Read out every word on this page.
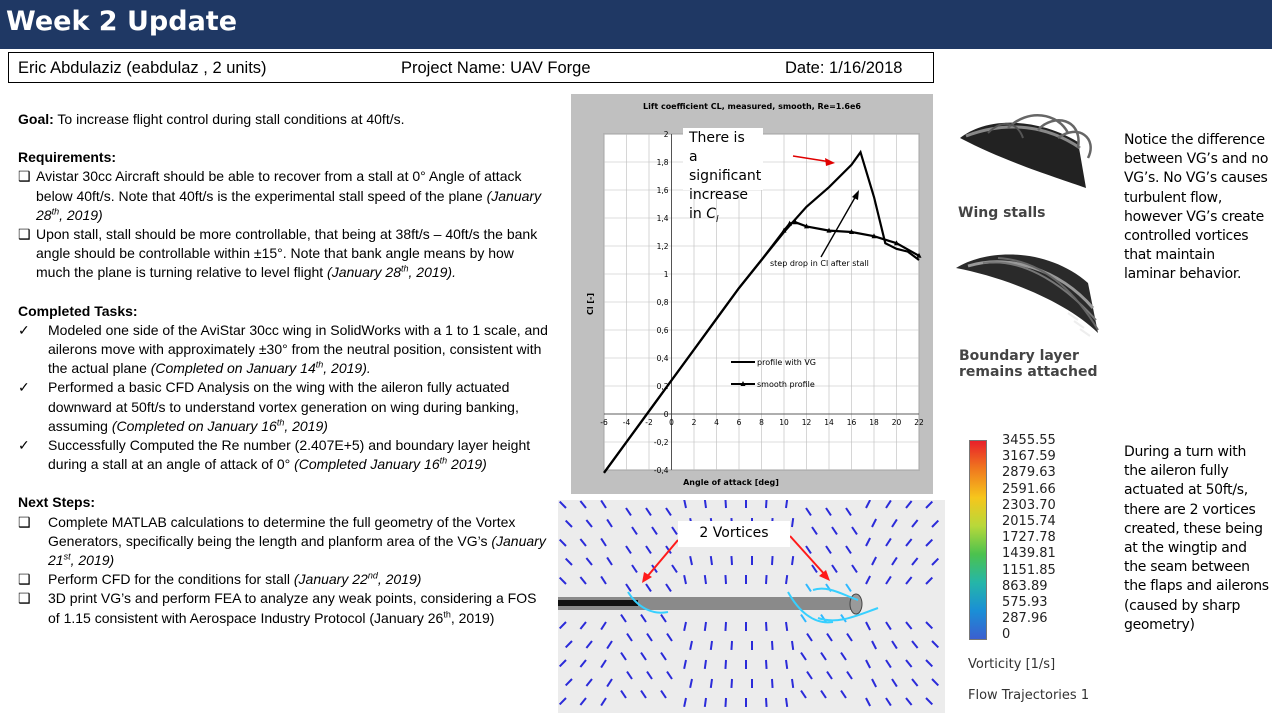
Week 2 Update
Eric Abdulaziz (eabdulaz , 2 units)	Project Name: UAV Forge	Date: 1/16/2018

Goal: To increase flight control during stall conditions at 40ft/s.

Requirements:

❑ Avistar 30cc Aircraft should be able to recover from a stall at 0° Angle of attack below 40ft/s. Note that 40ft/s is the experimental stall speed of the plane (January 28th, 2019)
❑ Upon stall, stall should be more controllable, that being at 38ft/s – 40ft/s the bank angle should be controllable within ±15°. Note that bank angle means by how much the plane is turning relative to level flight (January 28th, 2019).

Completed Tasks:

✓ Modeled one side of the AviStar 30cc wing in SolidWorks with a 1 to 1 scale, and ailerons move with approximately ±30° from the neutral position, consistent with the actual plane (Completed on January 14th, 2019).
✓ Performed a basic CFD Analysis on the wing with the aileron fully actuated downward at 50ft/s to understand vortex generation on wing during banking, assuming (Completed on January 16th, 2019)
✓ Successfully Computed the Re number (2.407E+5) and boundary layer height during a stall at an angle of attack of 0° (Completed January 16th 2019)

Next Steps:

❑ Complete MATLAB calculations to determine the full geometry of the Vortex Generators, specifically being the length and planform area of the VG’s (January 21st, 2019)
❑ Perform CFD for the conditions for stall (January 22nd, 2019)
❑ 3D print VG’s and perform FEA to analyze any weak points, considering a FOS of 1.15 consistent with Aerospace Industry Protocol (January 26th, 2019)
Lift coefficient CL, measured, smooth, Re=1.6e6
Angle of attack [deg]
Cl [-]
-6 -4 -2 0 2 4 6 8 10 12 14 16 18 20 22
-0,4
-0,2
0
0,2
0,4
0,6
0,8
1
1,2
1,4
1,6
1,8
2
profile with VG
smooth profile
There is a significant increase in $C_l$
step drop in Cl after stall
Wing stalls
Boundary layer
remains attached
Notice the difference between VG’s and no VG’s. No VG’s causes turbulent flow, however VG’s create controlled vortices that maintain laminar behavior.
2 Vortices
3455.55
3167.59
2879.63
2591.66
2303.70
2015.74
1727.78
1439.81
1151.85
863.89
575.93
287.96
0
Vorticity [1/s]
Flow Trajectories 1
During a turn with the aileron fully actuated at 50ft/s, there are 2 vortices created, these being at the wingtip and the seam between the flaps and ailerons (caused by sharp geometry)
